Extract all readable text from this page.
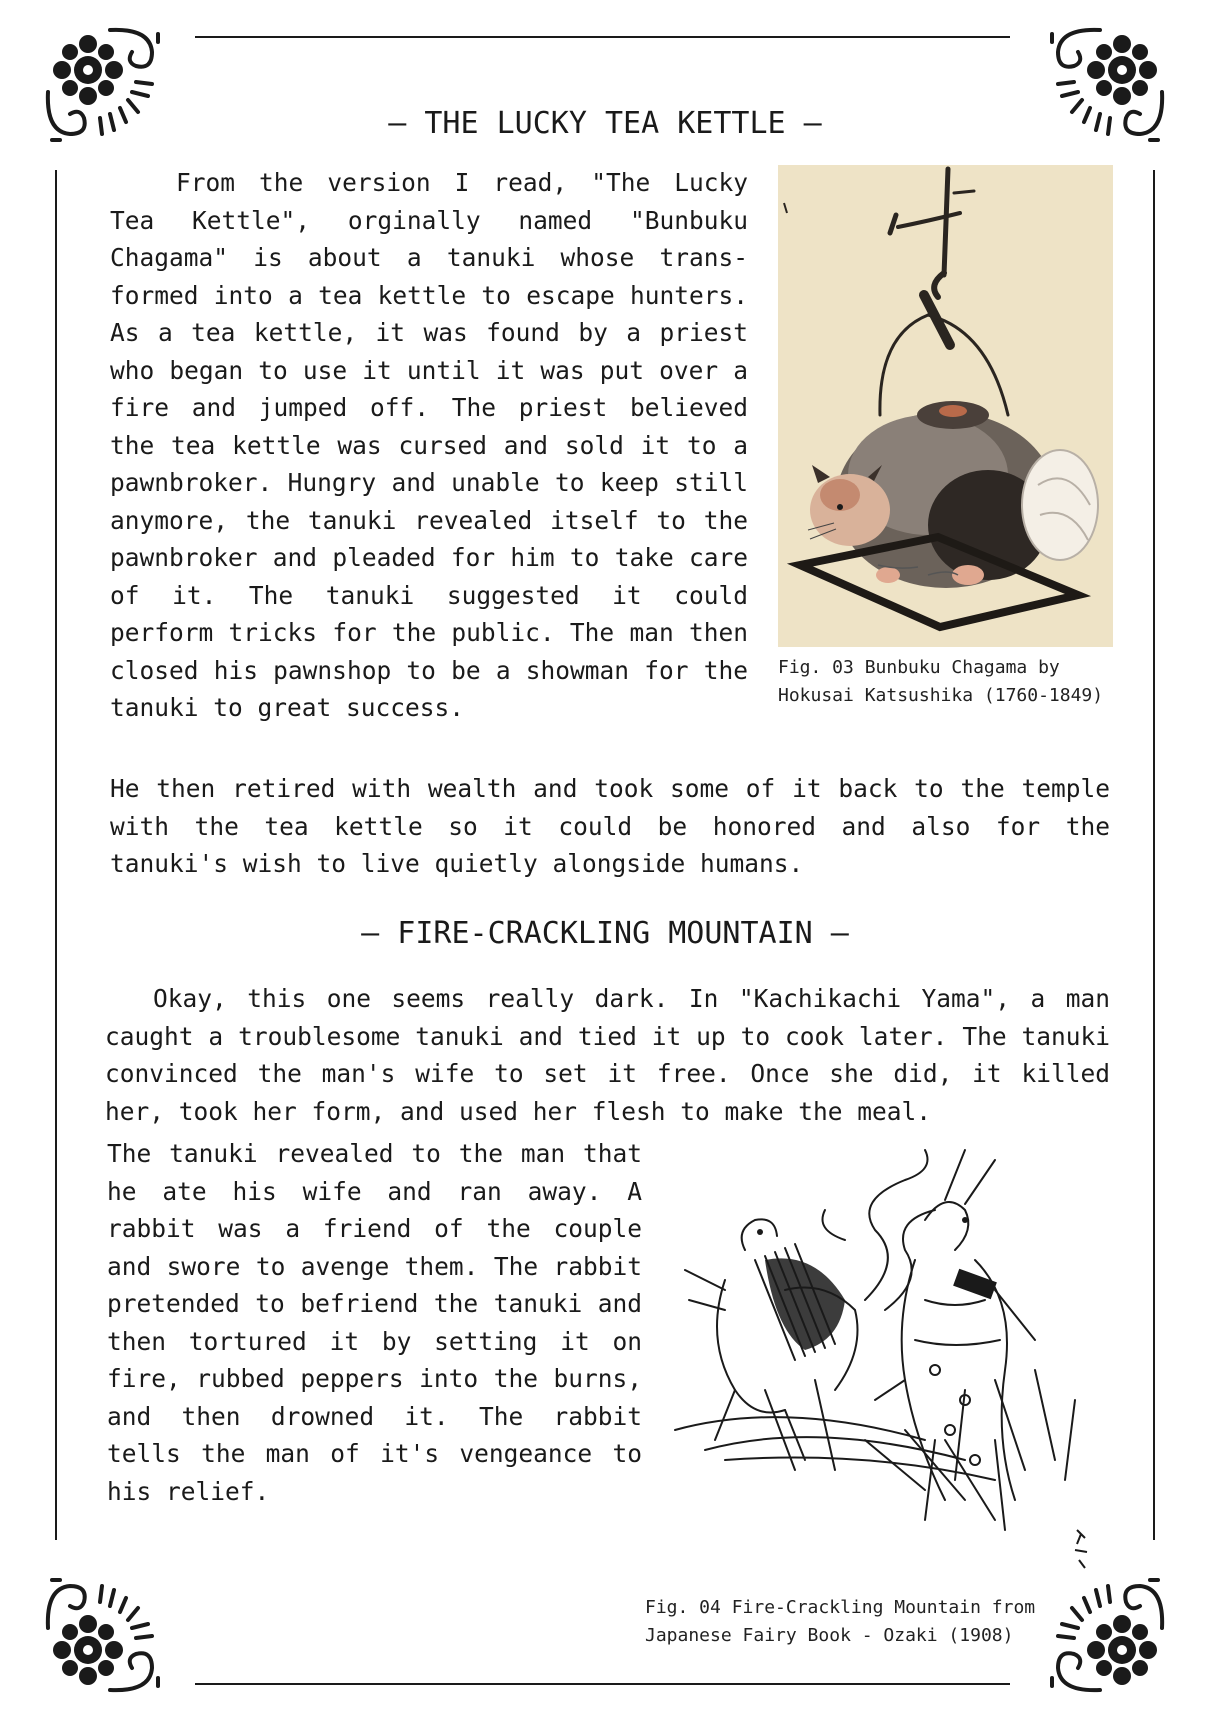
— THE LUCKY TEA KETTLE —

From the version I read, "The Lucky Tea Kettle", orginally named "Bunbuku Chagama" is about a tanuki whose trans-formed into a tea kettle to escape hunters. As a tea kettle, it was found by a priest who began to use it until it was put over a fire and jumped off. The priest believed the tea kettle was cursed and sold it to a pawnbroker. Hungry and unable to keep still anymore, the tanuki revealed itself to the pawnbroker and pleaded for him to take care of it. The tanuki suggested it could perform tricks for the public. The man then closed his pawnshop to be a showman for the tanuki to great success.

Fig. 03 Bunbuku Chagama by Hokusai Katsushika (1760-1849)

He then retired with wealth and took some of it back to the temple with the tea kettle so it could be honored and also for the tanuki's wish to live quietly alongside humans.

— FIRE-CRACKLING MOUNTAIN —

Okay, this one seems really dark. In "Kachikachi Yama", a man caught a troublesome tanuki and tied it up to cook later. The tanuki convinced the man's wife to set it free. Once she did, it killed her, took her form, and used her flesh to make the meal.

The tanuki revealed to the man that he ate his wife and ran away. A rabbit was a friend of the couple and swore to avenge them. The rabbit pretended to befriend the tanuki and then tortured it by setting it on fire, rubbed peppers into the burns, and then drowned it. The rabbit tells the man of it's vengeance to his relief.

Fig. 04 Fire-Crackling Mountain from Japanese Fairy Book - Ozaki (1908)
